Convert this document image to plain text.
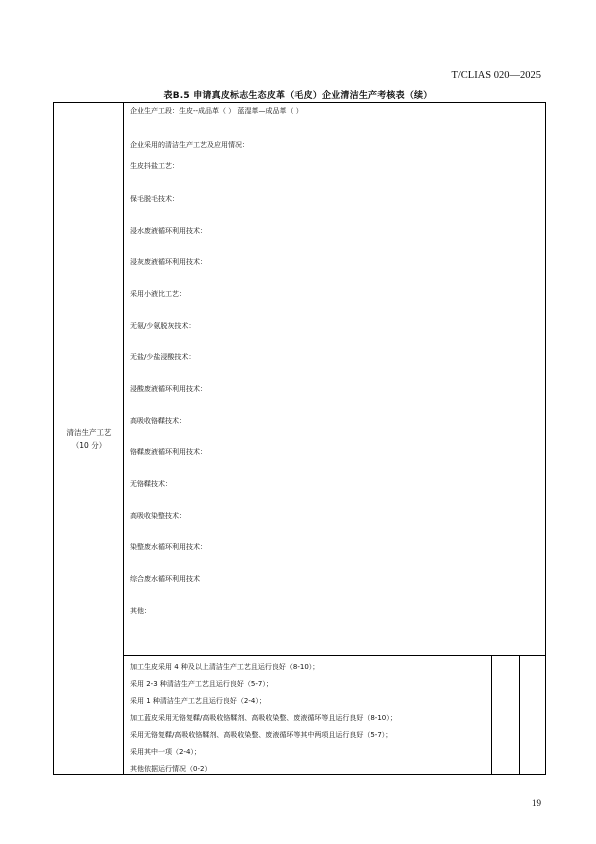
T/CLIAS 020—2025
表B.5 申请真皮标志生态皮革（毛皮）企业清洁生产考核表（续）
清洁生产工艺
（10 分）
企业生产工段：生皮--成品革（ ） 蓝湿革—成品革（ ）
企业采用的清洁生产工艺及应用情况：
生皮抖盐工艺：
保毛脱毛技术：
浸水废液循环利用技术：
浸灰废液循环利用技术：
采用小液比工艺：
无氨/少氨脱灰技术：
无盐/少盐浸酸技术：
浸酸废液循环利用技术：
高吸收铬鞣技术：
铬鞣废液循环利用技术：
无铬鞣技术：
高吸收染整技术：
染整废水循环利用技术：
综合废水循环利用技术
其他：
加工生皮采用 4 种及以上清洁生产工艺且运行良好（8-10）；
采用 2-3 种清洁生产工艺且运行良好（5-7）；
采用 1 种清洁生产工艺且运行良好（2-4）；
加工蓝皮采用无铬复鞣/高吸收铬鞣剂、高吸收染整、废液循环等且运行良好（8-10）；
采用无铬复鞣/高吸收铬鞣剂、高吸收染整、废液循环等其中两项且运行良好（5-7）；
采用其中一项（2-4）；
其他依据运行情况（0-2）
19
